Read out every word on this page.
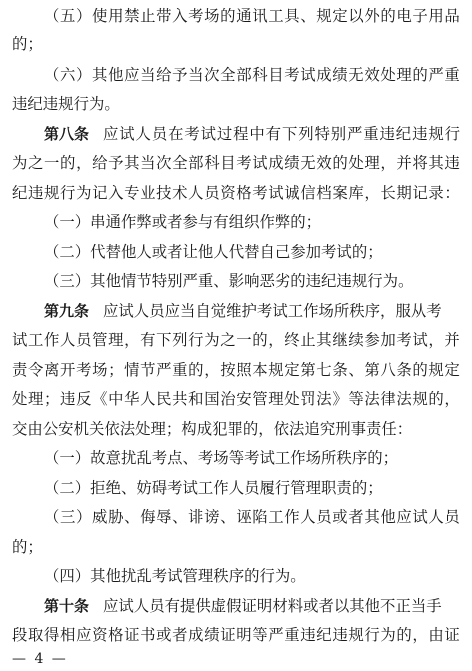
（ 五 ） 使 用 禁 止 带 入 考 场 的 通 讯 工 具 、 规 定 以 外 的 电 子 用 品
的；
（ 六 ） 其 他 应 当 给 予 当 次 全 部 科 目 考 试 成 绩 无 效 处 理 的 严 重
违纪违规行为。
第八条 应 试 人 员 在 考 试 过 程 中 有 下 列 特 别 严 重 违 纪 违 规 行
为 之 一 的 ， 给 予 其 当 次 全 部 科 目 考 试 成 绩 无 效 的 处 理 ， 并 将 其 违
纪 违 规 行 为 记 入 专 业 技 术 人 员 资 格 考 试 诚 信 档 案 库 ， 长 期 记 录 ：
（一）串通作弊或者参与有组织作弊的；
（二）代替他人或者让他人代替自己参加考试的；
（三）其他情节特别严重、影响恶劣的违纪违规行为。
第九条 应试人员应当自觉维护考试工作场所秩序，服从考
试 工 作 人 员 管 理 ， 有 下 列 行 为 之 一 的 ， 终 止 其 继 续 参 加 考 试 ， 并
责 令 离 开 考 场 ； 情 节 严 重 的 ， 按 照 本 规 定 第 七 条 、 第 八 条 的 规 定
处 理 ； 违 反 《 中 华 人 民 共 和 国 治 安 管 理 处 罚 法 》 等 法 律 法 规 的 ，
交由公安机关依法处理；构成犯罪的，依法追究刑事责任：
（一）故意扰乱考点、考场等考试工作场所秩序的；
（二）拒绝、妨碍考试工作人员履行管理职责的；
（ 三 ） 威 胁 、 侮 辱 、 诽 谤 、 诬 陷 工 作 人 员 或 者 其 他 应 试 人 员
的；
（四）其他扰乱考试管理秩序的行为。
第十条 应试人员有提供虚假证明材料或者以其他不正当手
段 取 得 相 应 资 格 证 书 或 者 成 绩 证 明 等 严 重 违 纪 违 规 行 为 的 ， 由 证
— 4 —
